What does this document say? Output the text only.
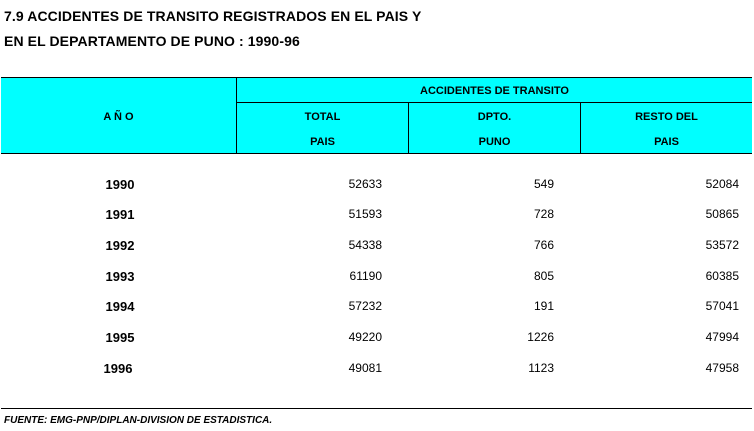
7.9 ACCIDENTES DE TRANSITO REGISTRADOS EN EL PAIS Y
EN EL DEPARTAMENTO DE PUNO : 1990-96
A Ñ O
ACCIDENTES DE TRANSITO
TOTAL
PAIS
DPTO.
PUNO
RESTO DEL
PAIS
1990	52633	549	52084
1991	51593	728	50865
1992	54338	766	53572
1993	61190	805	60385
1994	57232	191	57041
1995	49220	1226	47994
1996	49081	1123	47958
FUENTE: EMG-PNP/DIPLAN-DIVISION DE ESTADISTICA.
